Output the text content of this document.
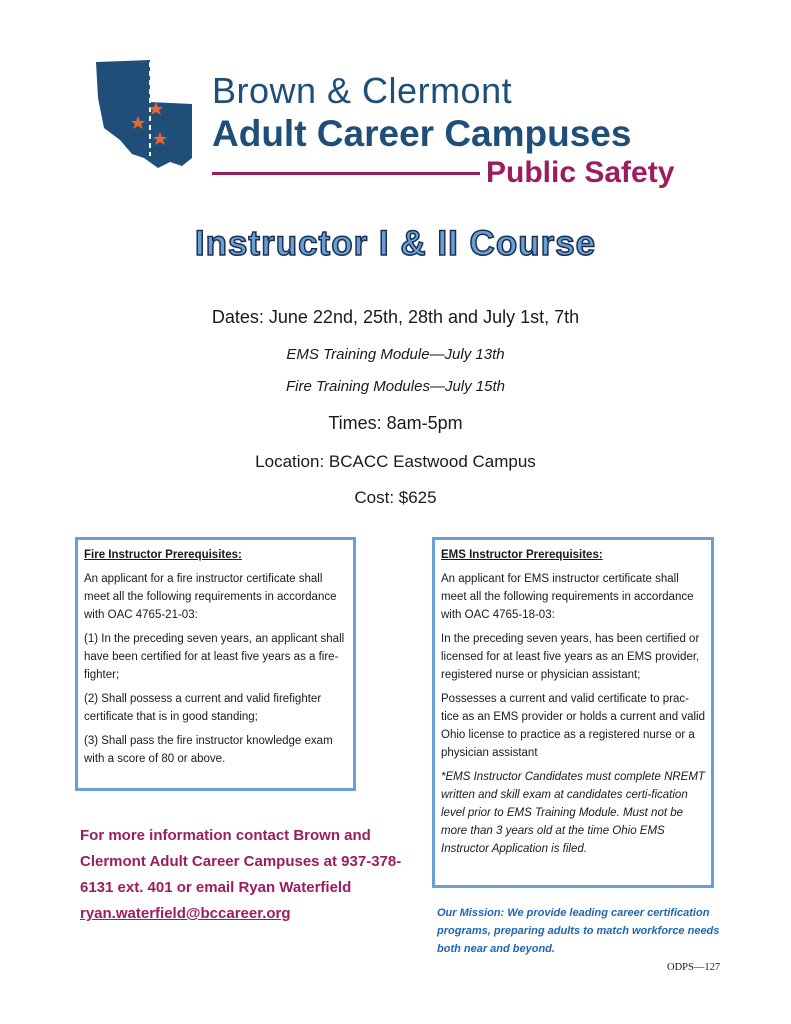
Brown & Clermont
Adult Career Campuses
Public Safety
Instructor I & II Course
Dates: June 22nd, 25th, 28th and July 1st, 7th
EMS Training Module—July 13th
Fire Training Modules—July 15th
Times: 8am-5pm
Location: BCACC Eastwood Campus
Cost: $625

Fire Instructor Prerequisites:

An applicant for a fire instructor certificate shall meet all the following requirements in accordance with OAC 4765-21-03:

(1) In the preceding seven years, an applicant shall have been certified for at least five years as a fire-fighter;

(2) Shall possess a current and valid firefighter certificate that is in good standing;

(3) Shall pass the fire instructor knowledge exam with a score of 80 or above.

EMS Instructor Prerequisites:

An applicant for EMS instructor certificate shall meet all the following requirements in accordance with OAC 4765-18-03:

In the preceding seven years, has been certified or licensed for at least five years as an EMS provider, registered nurse or physician assistant;

Possesses a current and valid certificate to prac-tice as an EMS provider or holds a current and valid Ohio license to practice as a registered nurse or a physician assistant

*EMS Instructor Candidates must complete NREMT written and skill exam at candidates certi-fication level prior to EMS Training Module. Must not be more than 3 years old at the time Ohio EMS Instructor Application is filed.

For more information contact Brown and Clermont Adult Career Campuses at 937-378-6131 ext. 401 or email Ryan Waterfield
ryan.waterfield@bccareer.org	Our Mission: We provide leading career certification programs, preparing adults to match workforce needs both near and beyond.
ODPS—127
